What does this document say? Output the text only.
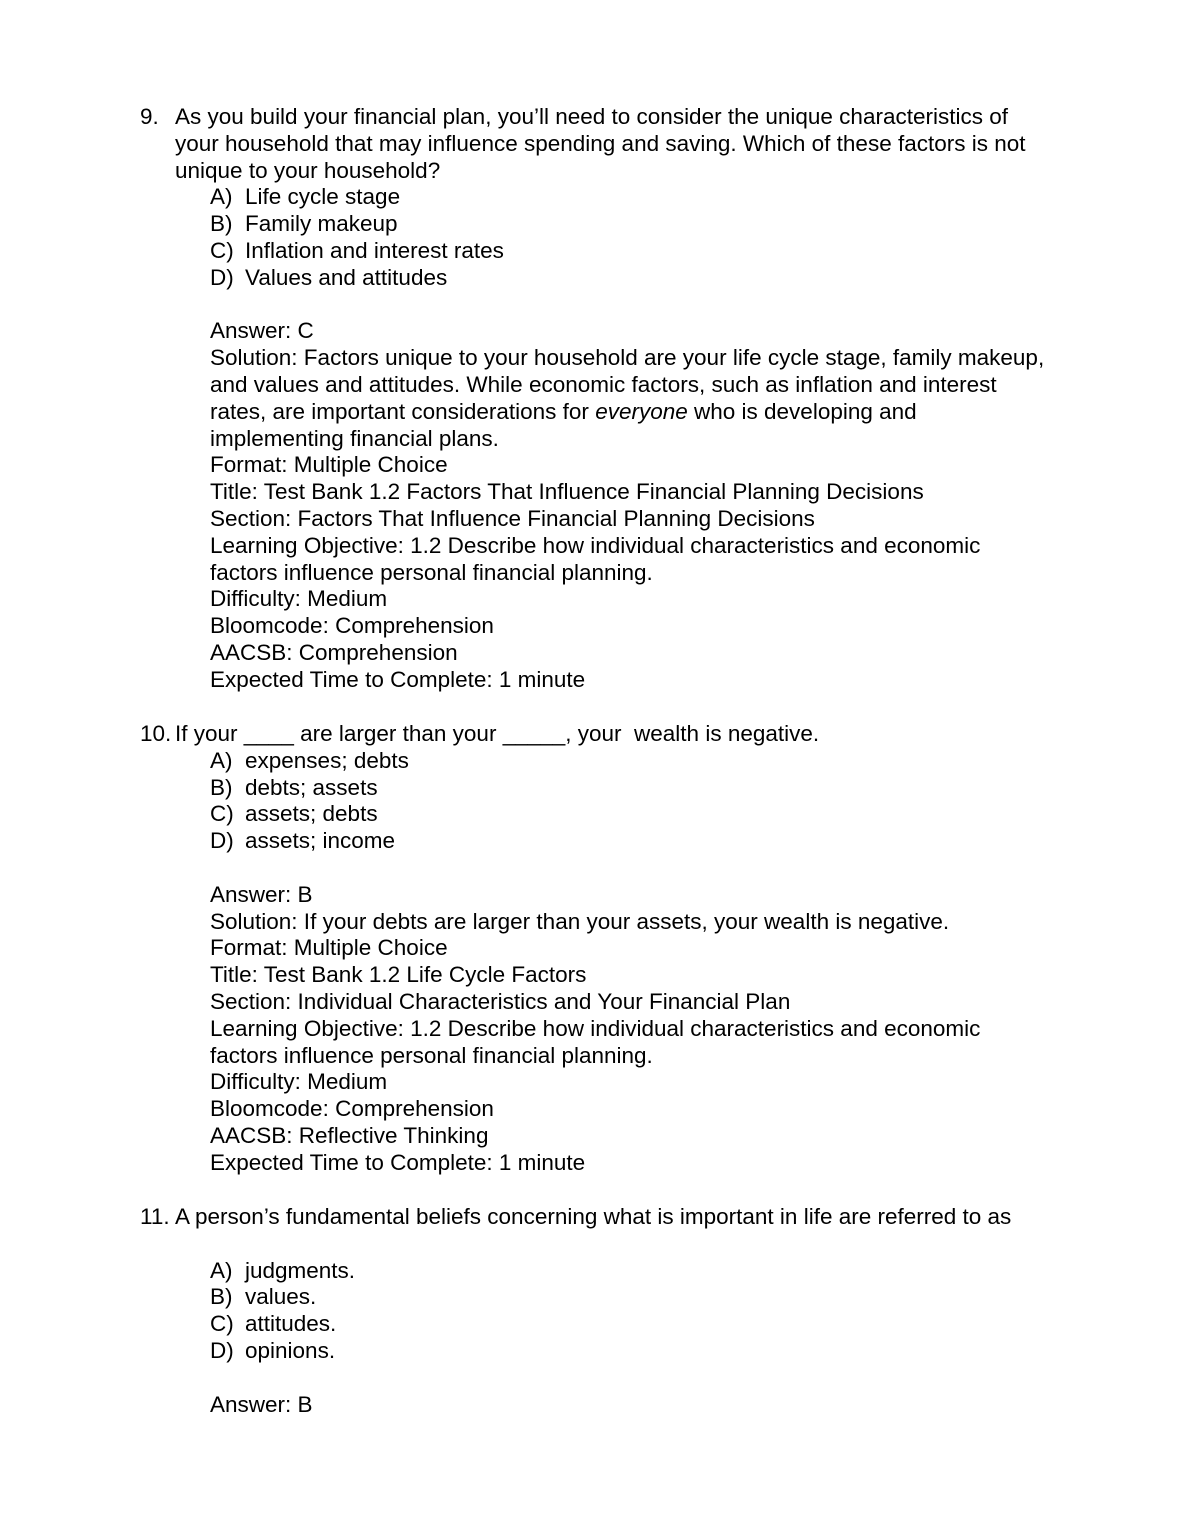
9. As you build your financial plan, you’ll need to consider the unique characteristics of your household that may influence spending and saving. Which of these factors is not unique to your household?
A) Life cycle stage
B) Family makeup
C) Inflation and interest rates
D) Values and attitudes
Answer: C
Solution: Factors unique to your household are your life cycle stage, family makeup, and values and attitudes. While economic factors, such as inflation and interest rates, are important considerations for everyone who is developing and implementing financial plans.
Format: Multiple Choice
Title: Test Bank 1.2 Factors That Influence Financial Planning Decisions
Section: Factors That Influence Financial Planning Decisions
Learning Objective: 1.2 Describe how individual characteristics and economic factors influence personal financial planning.
Difficulty: Medium
Bloomcode: Comprehension
AACSB: Comprehension
Expected Time to Complete: 1 minute
10. If your ____ are larger than your _____, your  wealth is negative.
A) expenses; debts
B) debts; assets
C) assets; debts
D) assets; income
Answer: B
Solution: If your debts are larger than your assets, your wealth is negative.
Format: Multiple Choice
Title: Test Bank 1.2 Life Cycle Factors
Section: Individual Characteristics and Your Financial Plan
Learning Objective: 1.2 Describe how individual characteristics and economic factors influence personal financial planning.
Difficulty: Medium
Bloomcode: Comprehension
AACSB: Reflective Thinking
Expected Time to Complete: 1 minute
11. A person’s fundamental beliefs concerning what is important in life are referred to as
A) judgments.
B) values.
C) attitudes.
D) opinions.
Answer: B
